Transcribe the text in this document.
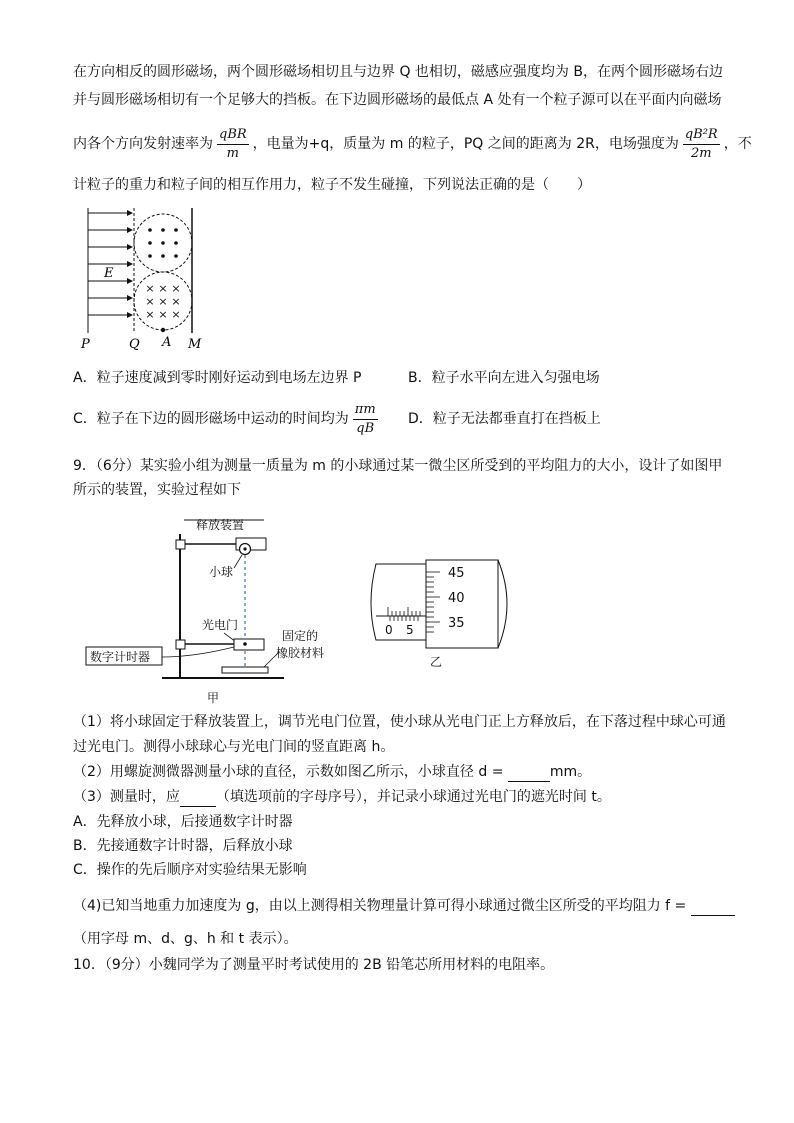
在方向相反的圆形磁场，两个圆形磁场相切且与边界 Q 也相切，磁感应强度均为 B，在两个圆形磁场右边
并与圆形磁场相切有一个足够大的挡板。在下边圆形磁场的最低点 A 处有一个粒子源可以在平面内向磁场
内各个方向发射速率为 $\frac{\text{qBR}}{m}$ ，电量为+q，质量为 m 的粒子，PQ 之间的距离为 2R，电场强度为 $\frac{\text{qB²R}}{2m}$ ，不
计粒子的重力和粒子间的相互作用力，粒子不发生碰撞，下列说法正确的是（　　）
E
× × ×
× × ×
× × ×
P	Q A M
A．粒子速度减到零时刚好运动到电场左边界 P	B．粒子水平向左进入匀强电场
C．粒子在下边的圆形磁场中运动的时间均为 $\frac{\pi m}{qB}$ D．粒子无法都垂直打在挡板上
9．（6分）某实验小组为测量一质量为 m 的小球通过某一微尘区所受到的平均阻力的大小，设计了如图甲
所示的装置，实验过程如下
释放装置
小球
光电门
数字计时器
固定的
橡胶材料
甲
0 5
45
40
35
乙
（1）将小球固定于释放装置上，调节光电门位置，使小球从光电门正上方释放后，在下落过程中球心可通
过光电门。测得小球球心与光电门间的竖直距离 h。
（2）用螺旋测微器测量小球的直径，示数如图乙所示，小球直径 d =	mm。
（3）测量时，应	（填选项前的字母序号），并记录小球通过光电门的遮光时间 t。
A．先释放小球，后接通数字计时器
B．先接通数字计时器，后释放小球
C．操作的先后顺序对实验结果无影响
（4)已知当地重力加速度为 g，由以上测得相关物理量计算可得小球通过微尘区所受的平均阻力 f =
（用字母 m、d、g、h 和 t 表示）。
10．（9分）小魏同学为了测量平时考试使用的 2B 铅笔芯所用材料的电阻率。
